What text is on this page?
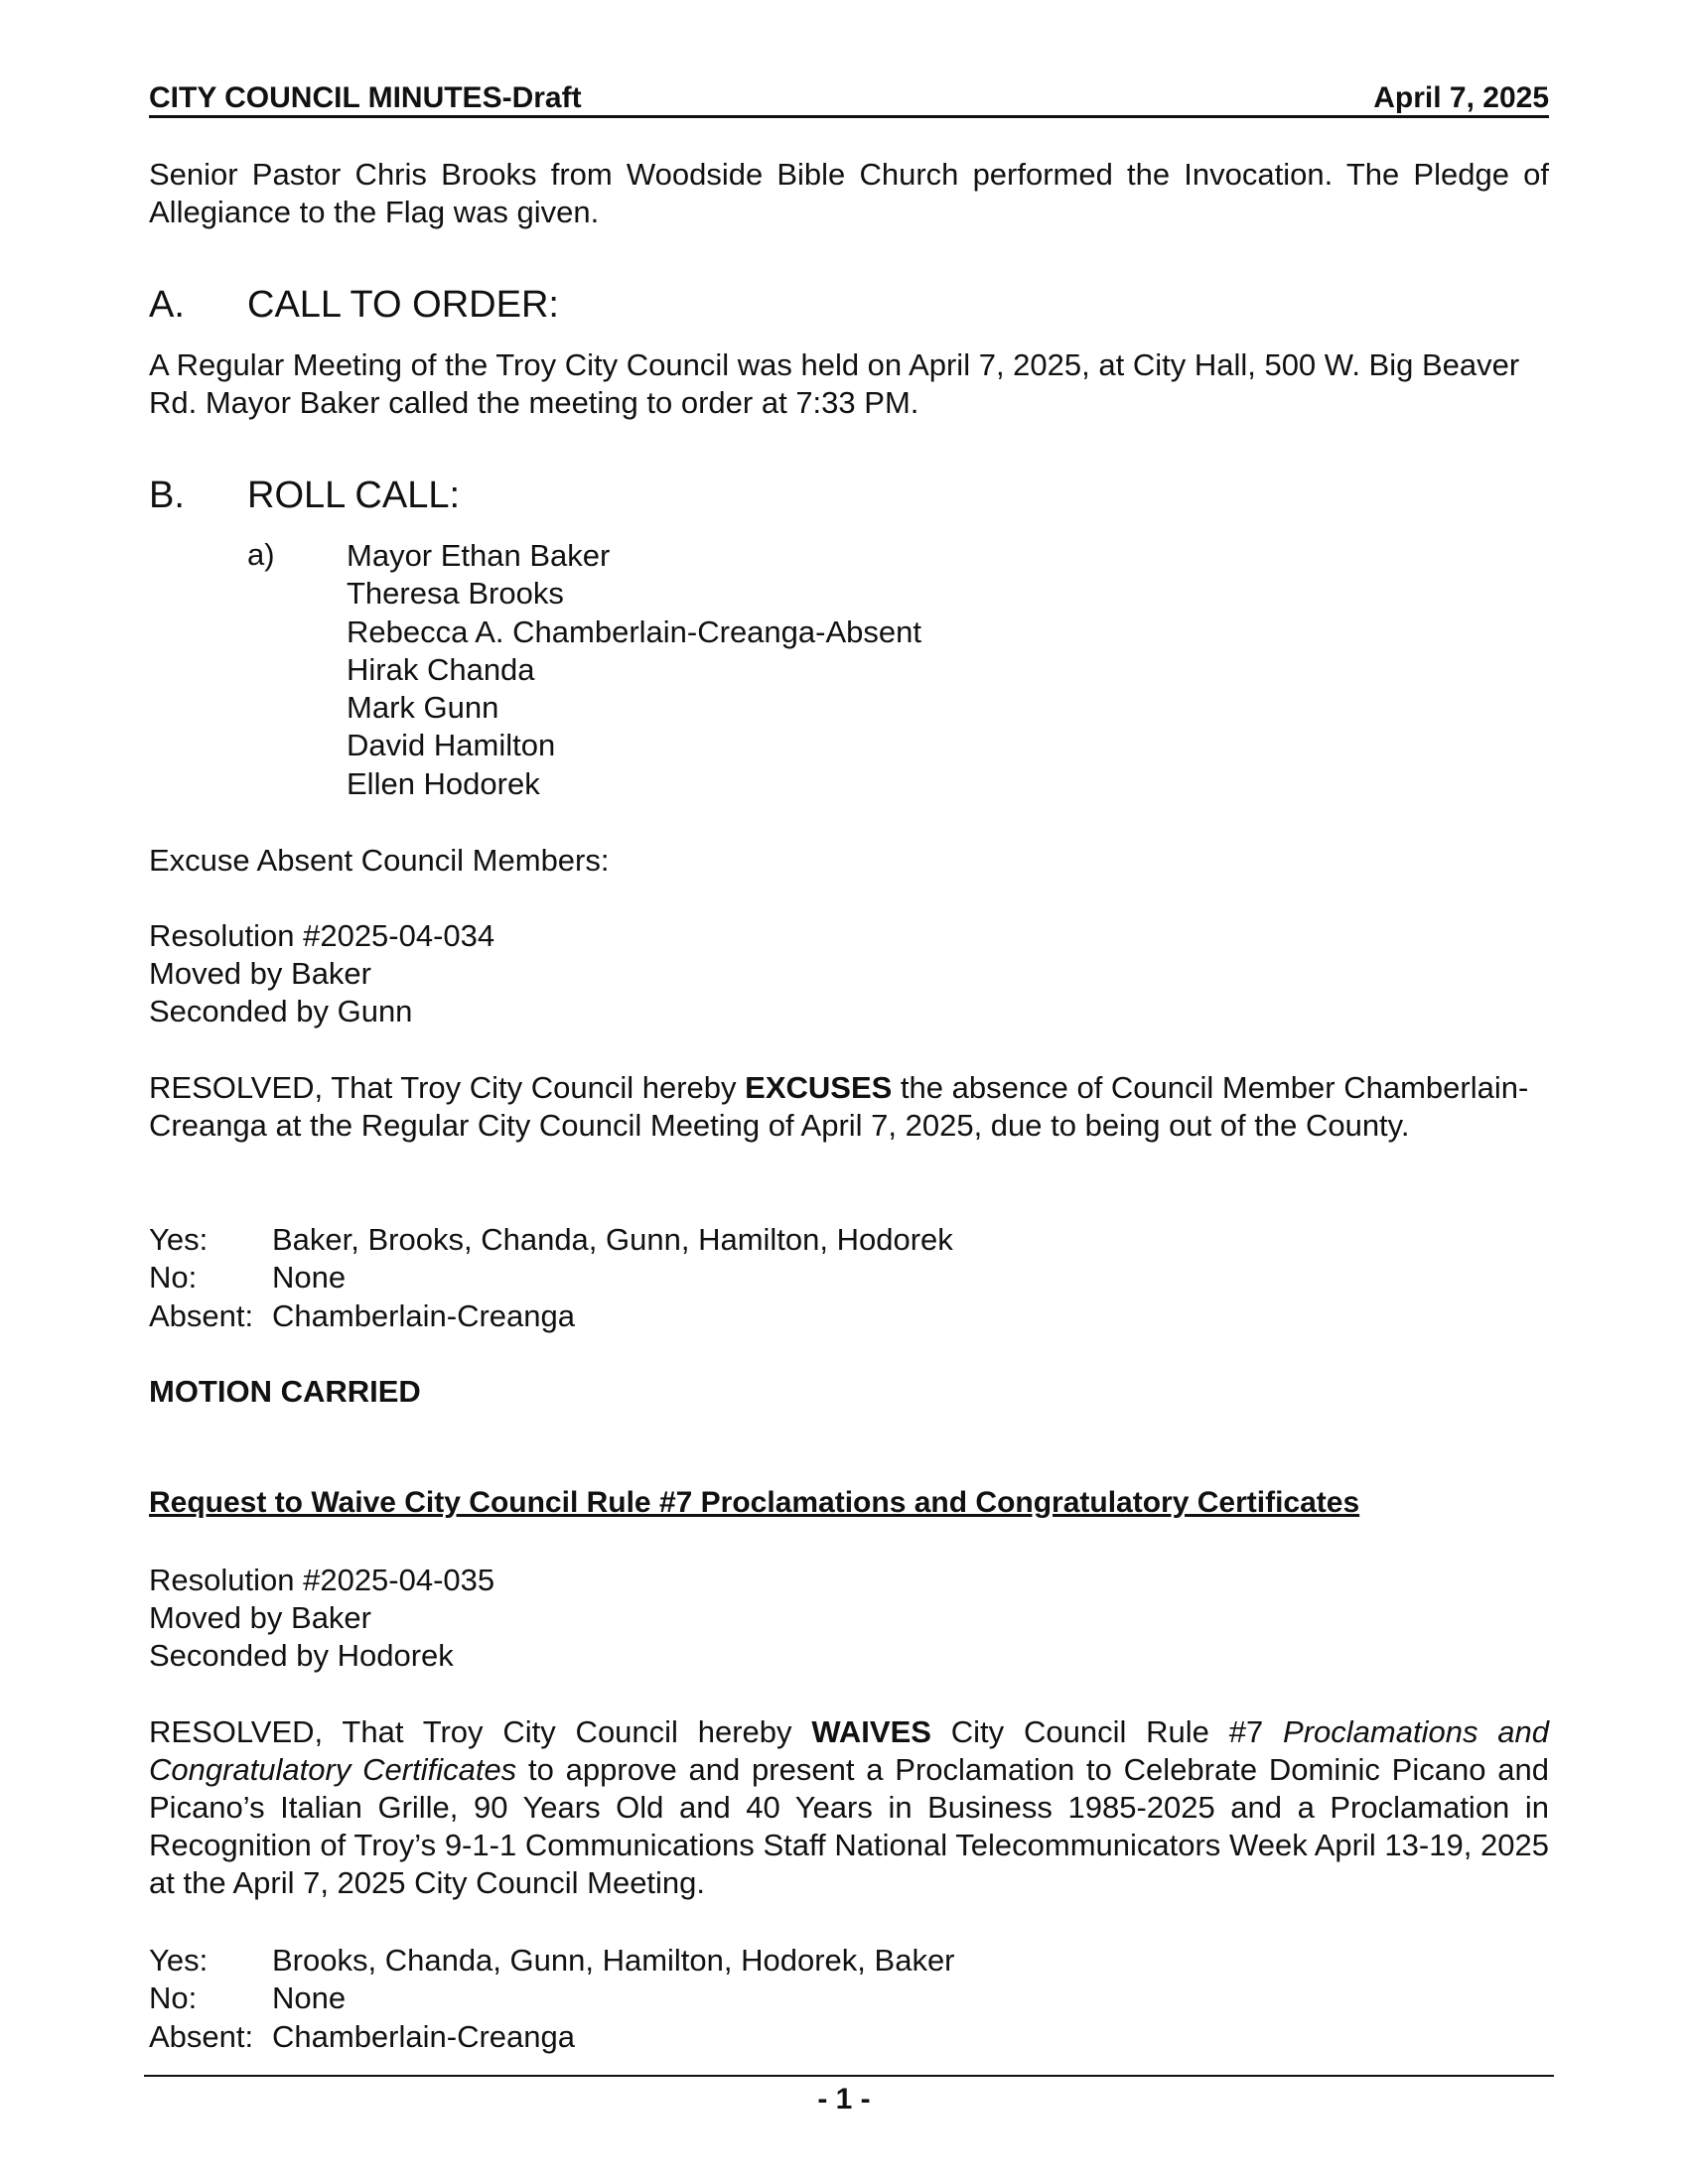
CITY COUNCIL MINUTES-Draft	April 7, 2025
Senior Pastor Chris Brooks from Woodside Bible Church performed the Invocation. The Pledge of Allegiance to the Flag was given.
A. CALL TO ORDER:
A Regular Meeting of the Troy City Council was held on April 7, 2025, at City Hall, 500 W. Big Beaver Rd. Mayor Baker called the meeting to order at 7:33 PM.
B. ROLL CALL:
a) Mayor Ethan Baker
Theresa Brooks
Rebecca A. Chamberlain-Creanga-Absent
Hirak Chanda
Mark Gunn
David Hamilton
Ellen Hodorek
Excuse Absent Council Members:
Resolution #2025-04-034
Moved by Baker
Seconded by Gunn
RESOLVED, That Troy City Council hereby EXCUSES the absence of Council Member Chamberlain-Creanga at the Regular City Council Meeting of April 7, 2025, due to being out of the County.
Yes: Baker, Brooks, Chanda, Gunn, Hamilton, Hodorek
No: None
Absent: Chamberlain-Creanga
MOTION CARRIED
Request to Waive City Council Rule #7 Proclamations and Congratulatory Certificates
Resolution #2025-04-035
Moved by Baker
Seconded by Hodorek
RESOLVED, That Troy City Council hereby WAIVES City Council Rule #7 Proclamations and Congratulatory Certificates to approve and present a Proclamation to Celebrate Dominic Picano and Picano’s Italian Grille, 90 Years Old and 40 Years in Business 1985-2025 and a Proclamation in Recognition of Troy’s 9-1-1 Communications Staff National Telecommunicators Week April 13-19, 2025 at the April 7, 2025 City Council Meeting.
Yes: Brooks, Chanda, Gunn, Hamilton, Hodorek, Baker
No: None
Absent: Chamberlain-Creanga
- 1 -
